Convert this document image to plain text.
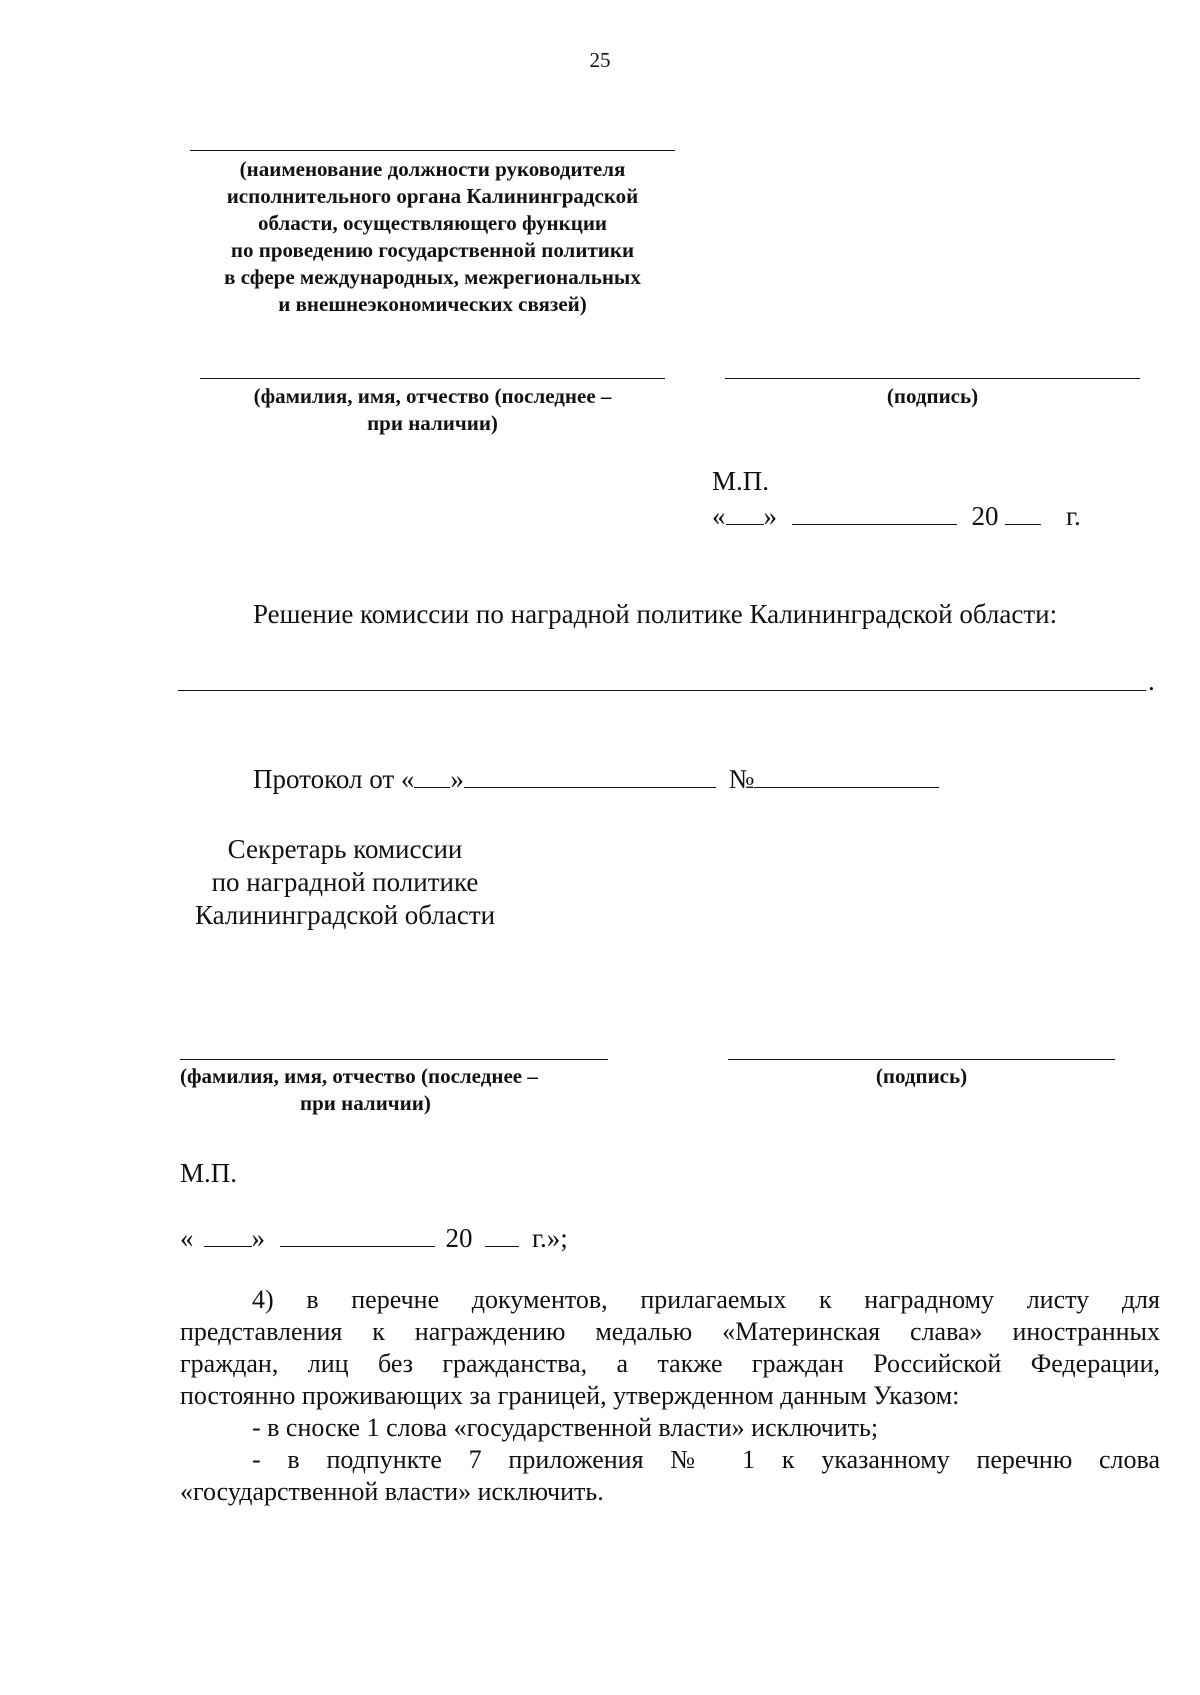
25
(наименование должности руководителя
исполнительного органа Калининградской
области, осуществляющего функции
по проведению государственной политики
в сфере международных, межрегиональных
и внешнеэкономических связей)
(фамилия, имя, отчество (последнее –
при наличии)
(подпись)
М.П.
« »	20	г.
Решение комиссии по наградной политике Калининградской области:
.
Протокол от « »	№
Секретарь комиссии
по наградной политике
Калининградской области
(фамилия, имя, отчество (последнее –
при наличии)
(подпись)
М.П.
« »	20 г.»;
4) в перечне документов, прилагаемых к наградному листу для
представления к награждению медалью «Материнская слава» иностранных
граждан, лиц без гражданства, а также граждан Российской Федерации,
постоянно проживающих за границей, утвержденном данным Указом:
- в сноске 1 слова «государственной власти» исключить;
- в подпункте 7 приложения № 1 к указанному перечню слова
«государственной власти» исключить.
